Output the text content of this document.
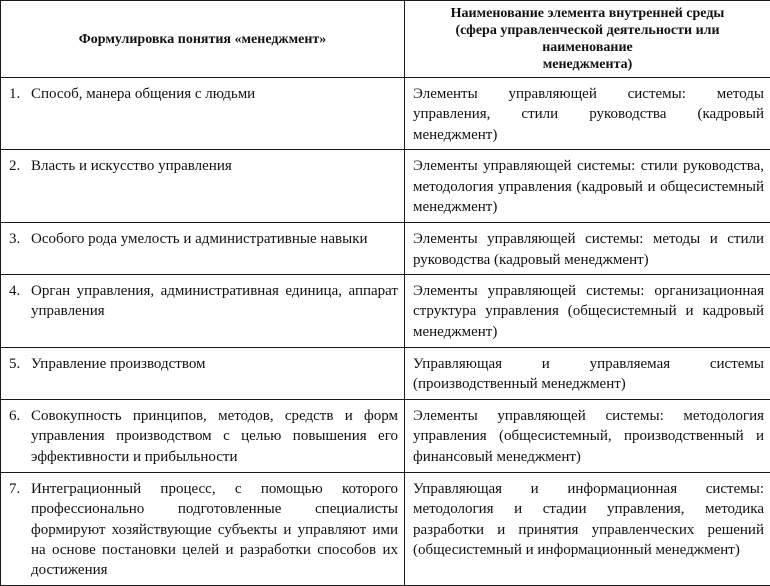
Формулировка понятия «менеджмент»	Наименование элемента внутренней среды
(сфера управленческой деятельности или наименование
менеджмента)

1. Способ, манера общения с людьми	Элементы управляющей системы: методы управления, стили руководства (кадровый менеджмент)

2. Власть и искусство управления	Элементы управляющей системы: стили руководства, методология управления (кадровый и общесистемный менеджмент)

3. Особого рода умелость и административные навыки	Элементы управляющей системы: методы и стили руководства (кадровый менеджмент)

4. Орган управления, административная единица, аппарат управления	Элементы управляющей системы: организационная структура управления (общесистемный и кадровый менеджмент)

5. Управление производством	Управляющая и управляемая системы (производственный менеджмент)

6. Совокупность принципов, методов, средств и форм управления производством с целью повышения его эффективности и прибыльности	Элементы управляющей системы: методология управления (общесистемный, производственный и финансовый менеджмент)

7. Интеграционный процесс, с помощью которого профессионально подготовленные специалисты формируют хозяйствующие субъекты и управляют ими на основе постановки целей и разработки способов их достижения	Управляющая и информационная системы: методология и стадии управления, методика разработки и принятия управленческих решений (общесистемный и информационный менеджмент)
